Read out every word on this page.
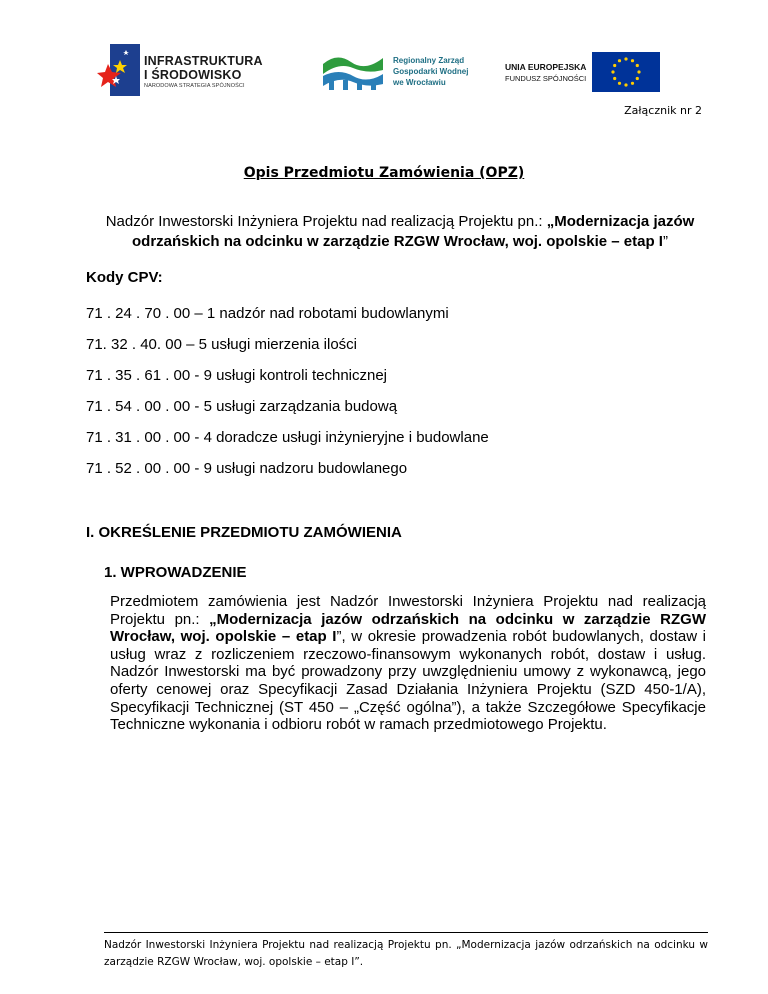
INFRASTRUKTURA
I ŚRODOWISKO
NARODOWA STRATEGIA SPÓJNOŚCI
Regionalny Zarząd
Gospodarki Wodnej
we Wrocławiu
UNIA EUROPEJSKA
FUNDUSZ SPÓJNOŚCI
Załącznik nr 2
Opis Przedmiotu Zamówienia (OPZ)
Nadzór Inwestorski Inżyniera Projektu nad realizacją Projektu pn.: „Modernizacja jazów odrzańskich na odcinku w zarządzie RZGW Wrocław, woj. opolskie – etap I”
Kody CPV:
71 . 24 . 70 . 00 – 1 nadzór nad robotami budowlanymi
71. 32 . 40. 00 – 5 usługi mierzenia ilości
71 . 35 . 61 . 00 - 9 usługi kontroli technicznej
71 . 54 . 00 . 00 - 5 usługi zarządzania budową
71 . 31 . 00 . 00 - 4 doradcze usługi inżynieryjne i budowlane
71 . 52 . 00 . 00 - 9 usługi nadzoru budowlanego
I. OKREŚLENIE PRZEDMIOTU ZAMÓWIENIA
1. WPROWADZENIE

Przedmiotem zamówienia jest Nadzór Inwestorski Inżyniera Projektu nad realizacją Projektu pn.: „Modernizacja jazów odrzańskich na odcinku w zarządzie RZGW Wrocław, woj. opolskie – etap I”, w okresie prowadzenia robót budowlanych, dostaw i usług wraz z rozliczeniem rzeczowo-finansowym wykonanych robót, dostaw i usług. Nadzór Inwestorski ma być prowadzony przy uwzględnieniu umowy z wykonawcą, jego oferty cenowej oraz Specyfikacji Zasad Działania Inżyniera Projektu (SZD 450-1/A), Specyfikacji Technicznej (ST 450 – „Część ogólna”), a także Szczegółowe Specyfikacje Techniczne wykonania i odbioru robót w ramach przedmiotowego Projektu.

Nadzór Inwestorski Inżyniera Projektu nad realizacją Projektu pn. „Modernizacja jazów odrzańskich na odcinku w zarządzie RZGW Wrocław, woj. opolskie – etap I”.
